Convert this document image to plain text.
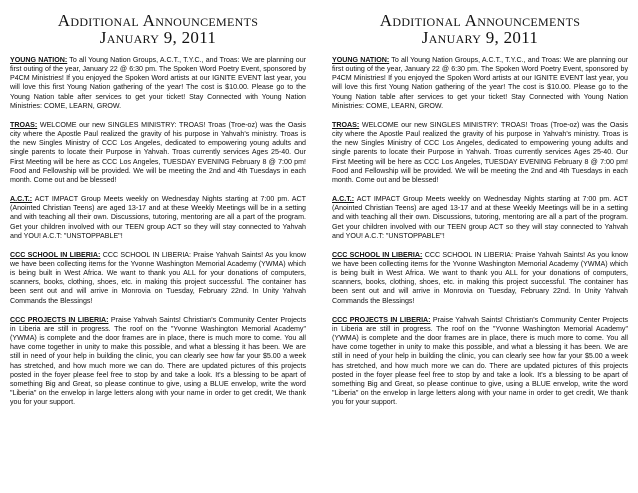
Additional Announcements
January 9, 2011

YOUNG NATION: To all Young Nation Groups, A.C.T., T.Y.C., and Troas: We are planning our first outing of the year, January 22 @ 6:30 pm. The Spoken Word Poetry Event, sponsored by P4CM Ministries! If you enjoyed the Spoken Word artists at our IGNITE EVENT last year, you will love this first Young Nation gathering of the year! The cost is $10.00. Please go to the Young Nation table after services to get your ticket! Stay Connected with Young Nation Ministries: COME, LEARN, GROW.

TROAS: WELCOME our new SINGLES MINISTRY: TROAS! Troas (Troe-oz) was the Oasis city where the Apostle Paul realized the gravity of his purpose in Yahvah's ministry. Troas is the new Singles Ministry of CCC Los Angeles, dedicated to empowering young adults and single parents to locate their Purpose in Yahvah. Troas currently services Ages 25-40. Our First Meeting will be here as CCC Los Angeles, TUESDAY EVENING February 8 @ 7:00 pm! Food and Fellowship will be provided. We will be meeting the 2nd and 4th Tuesdays in each month. Come out and be blessed!

A.C.T.: ACT IMPACT Group Meets weekly on Wednesday Nights starting at 7:00 pm. ACT (Anointed Christian Teens) are aged 13-17 and at these Weekly Meetings will be in a setting and with teaching all their own. Discussions, tutoring, mentoring are all a part of the program. Get your children involved with our TEEN group ACT so they will stay connected to Yahvah and YOU! A.C.T: "UNSTOPPABLE"!

CCC SCHOOL IN LIBERIA: CCC SCHOOL IN LIBERIA: Praise Yahvah Saints! As you know we have been collecting items for the Yvonne Washington Memorial Academy (YWMA) which is being built in West Africa. We want to thank you ALL for your donations of computers, scanners, books, clothing, shoes, etc. in making this project successful. The container has been sent out and will arrive in Monrovia on Tuesday, February 22nd. In Unity Yahvah Commands the Blessings!

CCC PROJECTS IN LIBERIA: Praise Yahvah Saints! Christian's Community Center Projects in Liberia are still in progress. The roof on the "Yvonne Washington Memorial Academy" (YWMA) is complete and the door frames are in place, there is much more to come. You all have come together in unity to make this possible, and what a blessing it has been. We are still in need of your help in building the clinic, you can clearly see how far your $5.00 a week has stretched, and how much more we can do. There are updated pictures of this projects posted in the foyer please feel free to stop by and take a look. It's a blessing to be apart of something Big and Great, so please continue to give, using a BLUE envelop, write the word "Liberia" on the envelop in large letters along with your name in order to get credit, We thank you for your support.

Additional Announcements
January 9, 2011

YOUNG NATION: To all Young Nation Groups, A.C.T., T.Y.C., and Troas: We are planning our first outing of the year, January 22 @ 6:30 pm. The Spoken Word Poetry Event, sponsored by P4CM Ministries! If you enjoyed the Spoken Word artists at our IGNITE EVENT last year, you will love this first Young Nation gathering of the year! The cost is $10.00. Please go to the Young Nation table after services to get your ticket! Stay Connected with Young Nation Ministries: COME, LEARN, GROW.

TROAS: WELCOME our new SINGLES MINISTRY: TROAS! Troas (Troe-oz) was the Oasis city where the Apostle Paul realized the gravity of his purpose in Yahvah's ministry. Troas is the new Singles Ministry of CCC Los Angeles, dedicated to empowering young adults and single parents to locate their Purpose in Yahvah. Troas currently services Ages 25-40. Our First Meeting will be here as CCC Los Angeles, TUESDAY EVENING February 8 @ 7:00 pm! Food and Fellowship will be provided. We will be meeting the 2nd and 4th Tuesdays in each month. Come out and be blessed!

A.C.T.: ACT IMPACT Group Meets weekly on Wednesday Nights starting at 7:00 pm. ACT (Anointed Christian Teens) are aged 13-17 and at these Weekly Meetings will be in a setting and with teaching all their own. Discussions, tutoring, mentoring are all a part of the program. Get your children involved with our TEEN group ACT so they will stay connected to Yahvah and YOU! A.C.T: "UNSTOPPABLE"!

CCC SCHOOL IN LIBERIA: CCC SCHOOL IN LIBERIA: Praise Yahvah Saints! As you know we have been collecting items for the Yvonne Washington Memorial Academy (YWMA) which is being built in West Africa. We want to thank you ALL for your donations of computers, scanners, books, clothing, shoes, etc. in making this project successful. The container has been sent out and will arrive in Monrovia on Tuesday, February 22nd. In Unity Yahvah Commands the Blessings!

CCC PROJECTS IN LIBERIA: Praise Yahvah Saints! Christian's Community Center Projects in Liberia are still in progress. The roof on the "Yvonne Washington Memorial Academy" (YWMA) is complete and the door frames are in place, there is much more to come. You all have come together in unity to make this possible, and what a blessing it has been. We are still in need of your help in building the clinic, you can clearly see how far your $5.00 a week has stretched, and how much more we can do. There are updated pictures of this projects posted in the foyer please feel free to stop by and take a look. It's a blessing to be apart of something Big and Great, so please continue to give, using a BLUE envelop, write the word "Liberia" on the envelop in large letters along with your name in order to get credit, We thank you for your support.
